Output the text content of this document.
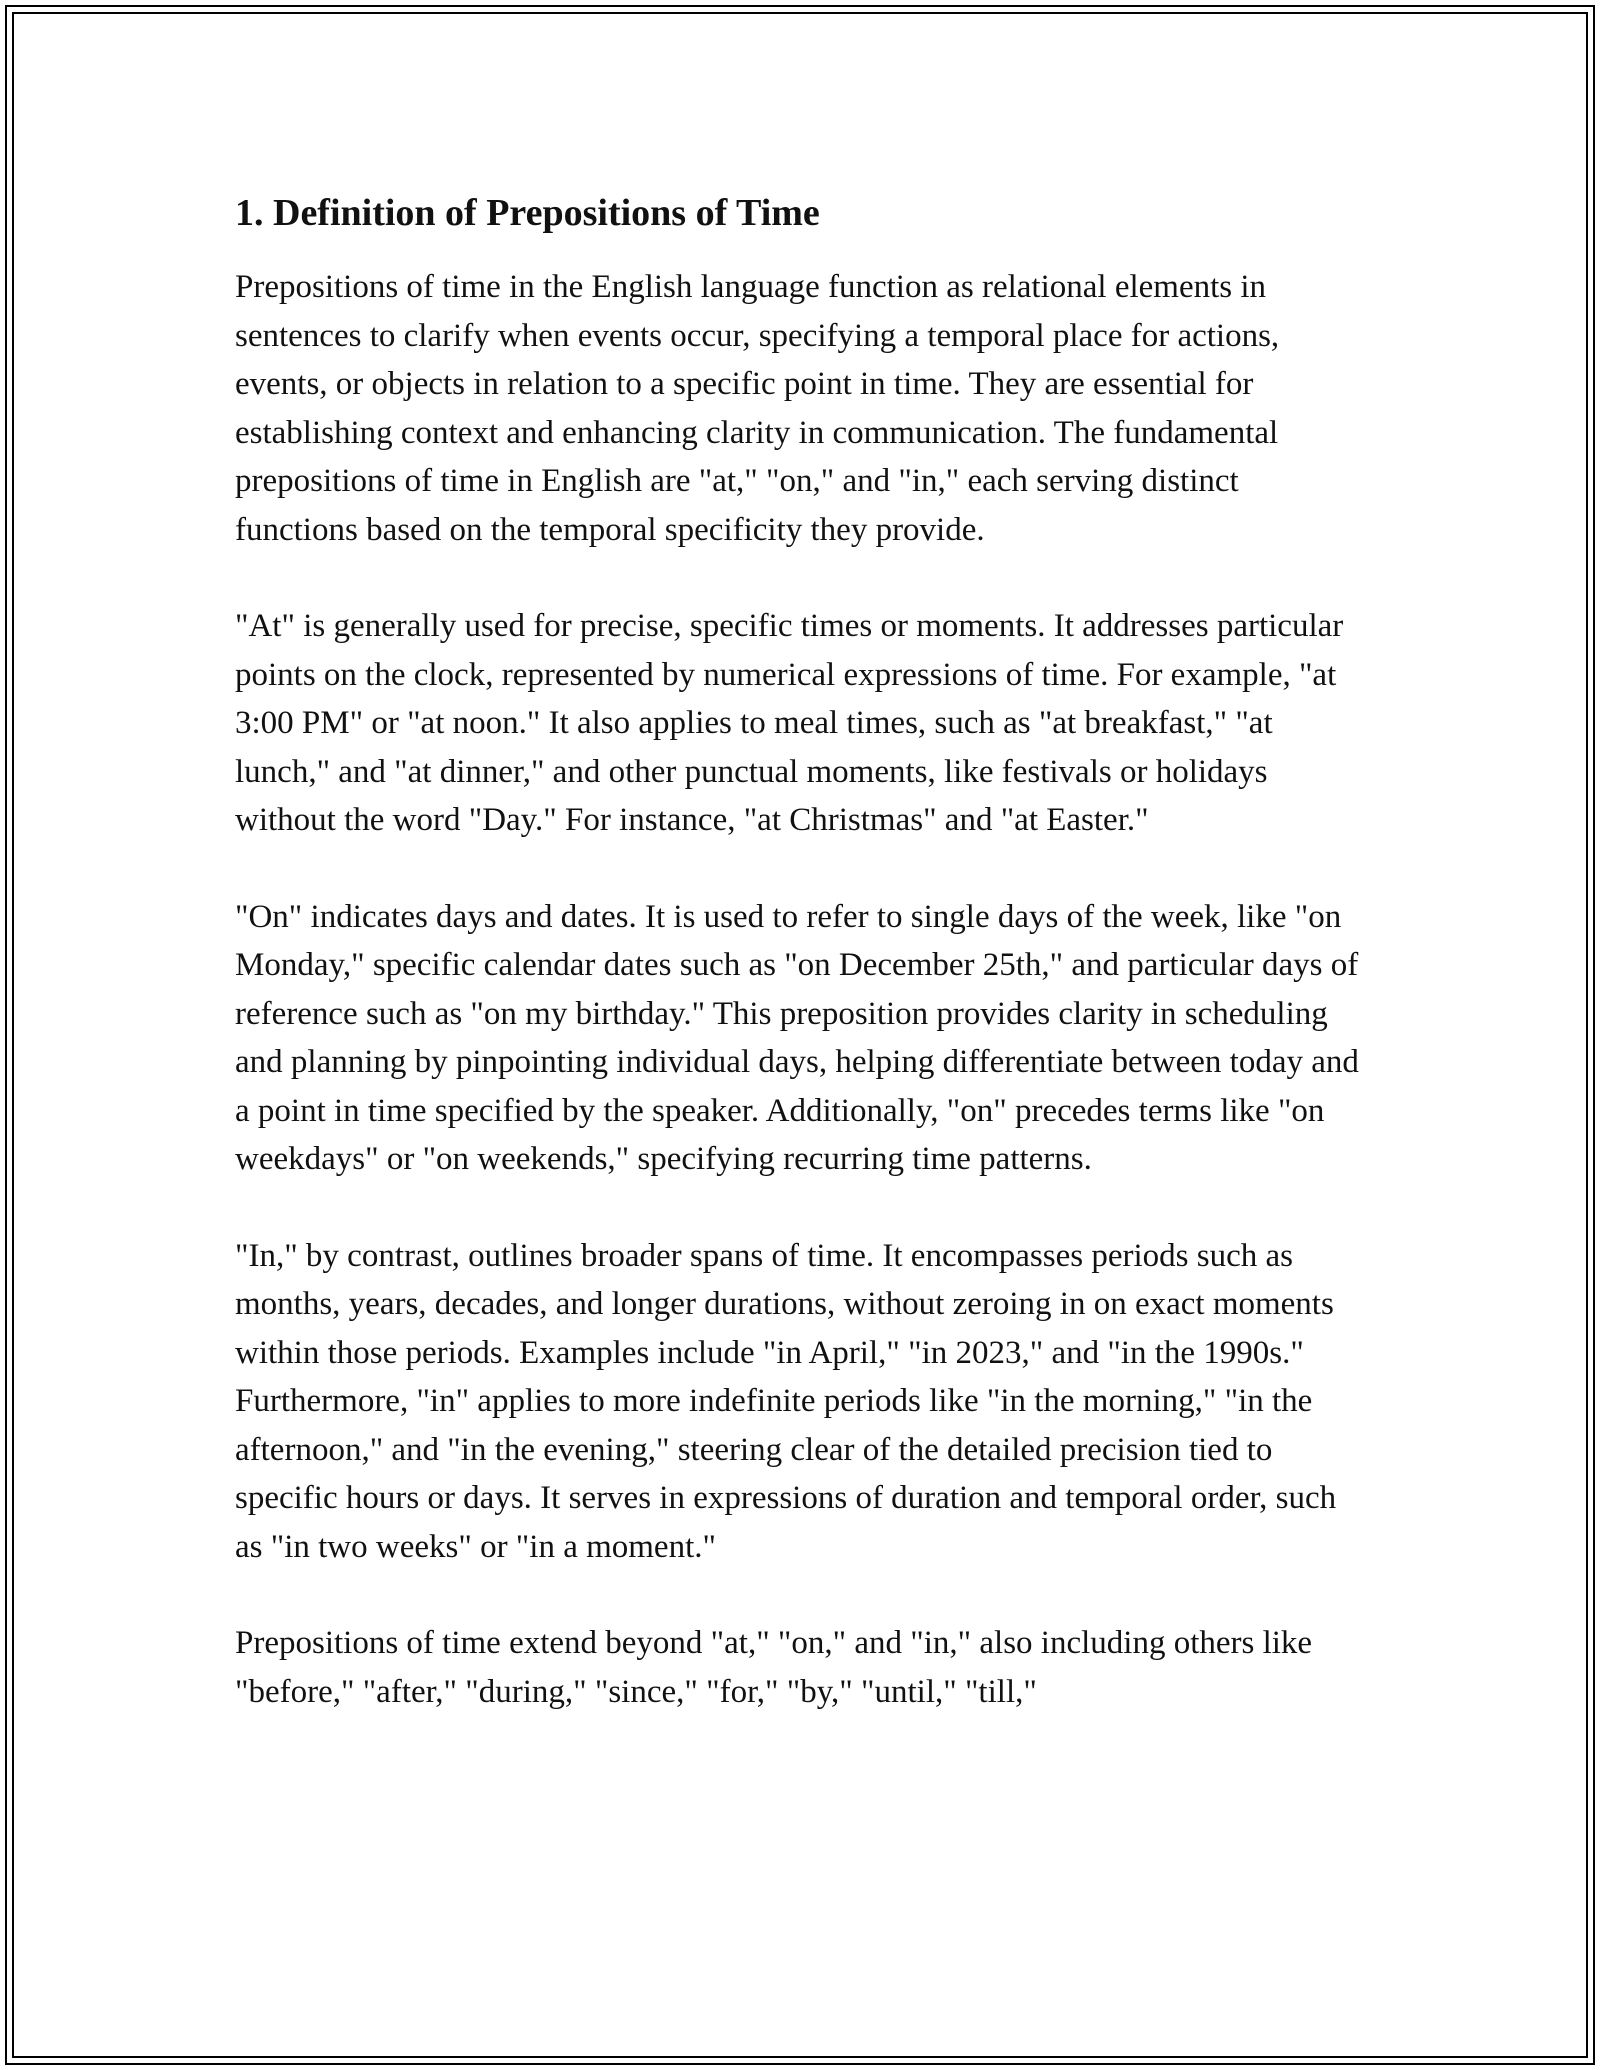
1. Definition of Prepositions of Time

Prepositions of time in the English language function as relational elements in sentences to clarify when events occur, specifying a temporal place for actions, events, or objects in relation to a specific point in time. They are essential for establishing context and enhancing clarity in communication. The fundamental prepositions of time in English are "at," "on," and "in," each serving distinct functions based on the temporal specificity they provide.

"At" is generally used for precise, specific times or moments. It addresses particular points on the clock, represented by numerical expressions of time. For example, "at 3:00 PM" or "at noon." It also applies to meal times, such as "at breakfast," "at lunch," and "at dinner," and other punctual moments, like festivals or holidays without the word "Day." For instance, "at Christmas" and "at Easter."

"On" indicates days and dates. It is used to refer to single days of the week, like "on Monday," specific calendar dates such as "on December 25th," and particular days of reference such as "on my birthday." This preposition provides clarity in scheduling and planning by pinpointing individual days, helping differentiate between today and a point in time specified by the speaker. Additionally, "on" precedes terms like "on weekdays" or "on weekends," specifying recurring time patterns.

"In," by contrast, outlines broader spans of time. It encompasses periods such as months, years, decades, and longer durations, without zeroing in on exact moments within those periods. Examples include "in April," "in 2023," and "in the 1990s." Furthermore, "in" applies to more indefinite periods like "in the morning," "in the afternoon," and "in the evening," steering clear of the detailed precision tied to specific hours or days. It serves in expressions of duration and temporal order, such as "in two weeks" or "in a moment."

Prepositions of time extend beyond "at," "on," and "in," also including others like "before," "after," "during," "since," "for," "by," "until," "till,"
